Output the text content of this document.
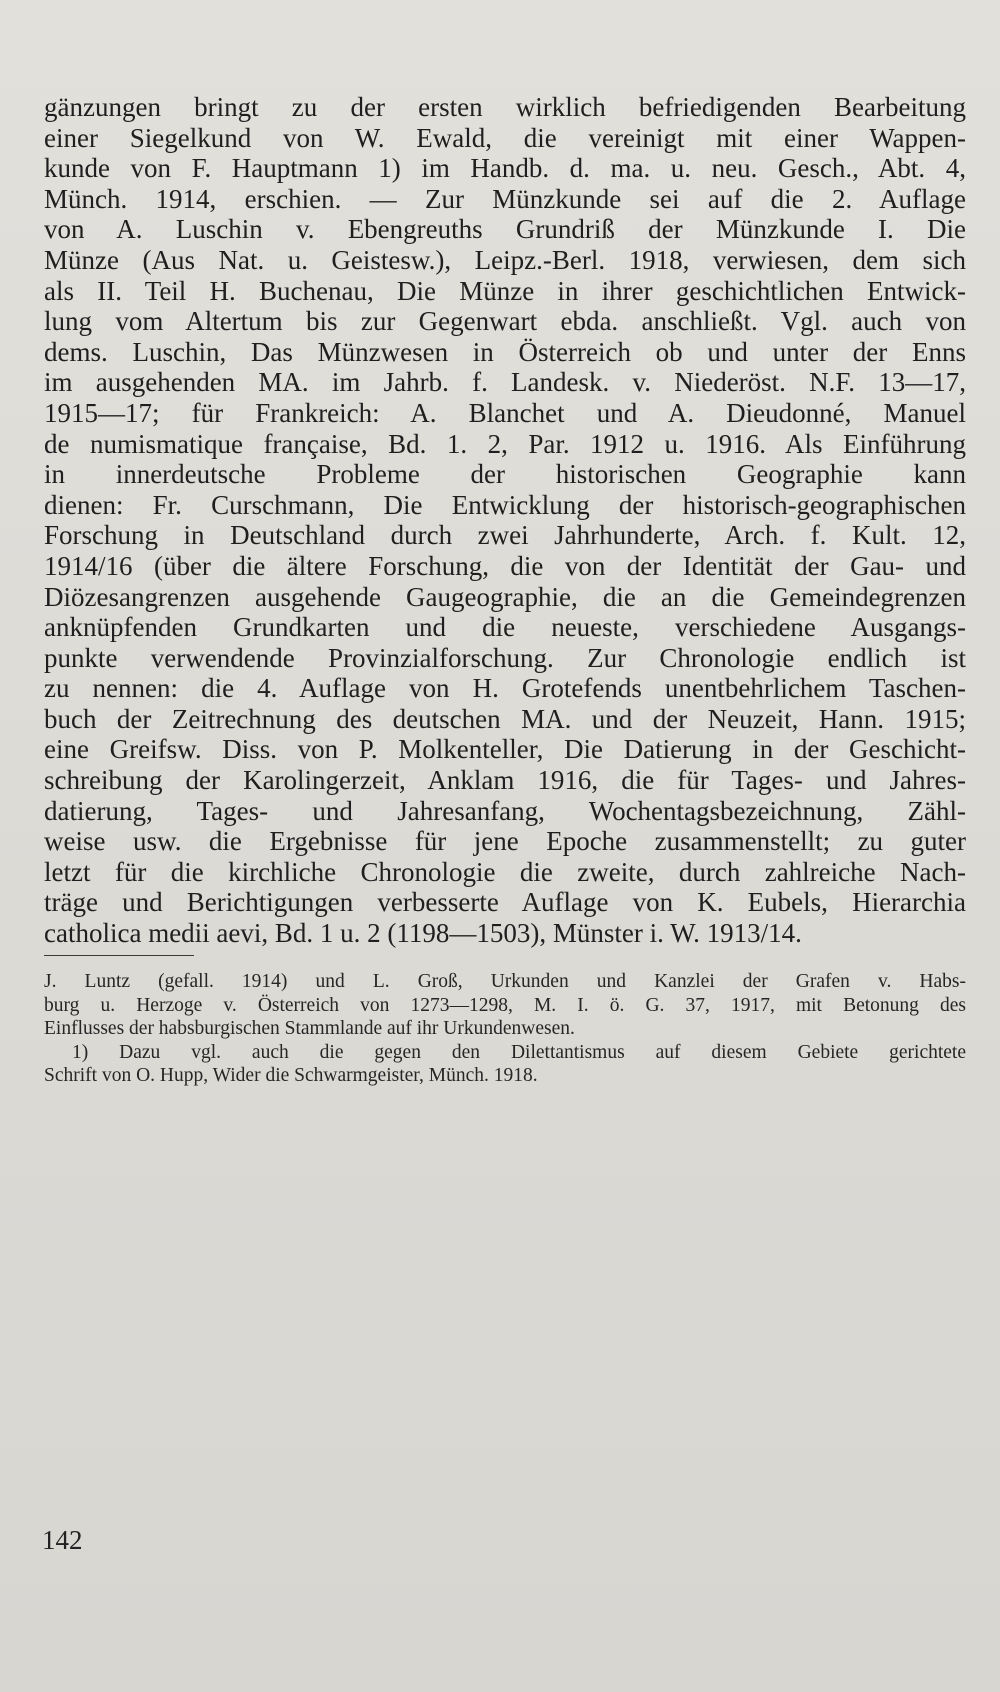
gänzungen bringt zu der ersten wirklich befriedigenden Bearbeitung
einer Siegelkund von W. Ewald, die vereinigt mit einer Wappen-
kunde von F. Hauptmann 1) im Handb. d. ma. u. neu. Gesch., Abt. 4,
Münch. 1914, erschien. — Zur Münzkunde sei auf die 2. Auflage
von A. Luschin v. Ebengreuths Grundriß der Münzkunde I. Die
Münze (Aus Nat. u. Geistesw.), Leipz.-Berl. 1918, verwiesen, dem sich
als II. Teil H. Buchenau, Die Münze in ihrer geschichtlichen Entwick-
lung vom Altertum bis zur Gegenwart ebda. anschließt. Vgl. auch von
dems. Luschin, Das Münzwesen in Österreich ob und unter der Enns
im ausgehenden MA. im Jahrb. f. Landesk. v. Niederöst. N.F. 13—17,
1915—17; für Frankreich: A. Blanchet und A. Dieudonné, Manuel
de numismatique française, Bd. 1. 2, Par. 1912 u. 1916. Als Einführung
in innerdeutsche Probleme der historischen Geographie kann
dienen: Fr. Curschmann, Die Entwicklung der historisch-geographischen
Forschung in Deutschland durch zwei Jahrhunderte, Arch. f. Kult. 12,
1914/16 (über die ältere Forschung, die von der Identität der Gau- und
Diözesangrenzen ausgehende Gaugeographie, die an die Gemeindegrenzen
anknüpfenden Grundkarten und die neueste, verschiedene Ausgangs-
punkte verwendende Provinzialforschung. Zur Chronologie endlich ist
zu nennen: die 4. Auflage von H. Grotefends unentbehrlichem Taschen-
buch der Zeitrechnung des deutschen MA. und der Neuzeit, Hann. 1915;
eine Greifsw. Diss. von P. Molkenteller, Die Datierung in der Geschicht-
schreibung der Karolingerzeit, Anklam 1916, die für Tages- und Jahres-
datierung, Tages- und Jahresanfang, Wochentagsbezeichnung, Zähl-
weise usw. die Ergebnisse für jene Epoche zusammenstellt; zu guter
letzt für die kirchliche Chronologie die zweite, durch zahlreiche Nach-
träge und Berichtigungen verbesserte Auflage von K. Eubels, Hierarchia
catholica medii aevi, Bd. 1 u. 2 (1198—1503), Münster i. W. 1913/14.
J. Luntz (gefall. 1914) und L. Groß, Urkunden und Kanzlei der Grafen v. Habs-
burg u. Herzoge v. Österreich von 1273—1298, M. I. ö. G. 37, 1917, mit Betonung des
Einflusses der habsburgischen Stammlande auf ihr Urkundenwesen.
1) Dazu vgl. auch die gegen den Dilettantismus auf diesem Gebiete gerichtete
Schrift von O. Hupp, Wider die Schwarmgeister, Münch. 1918.
142
